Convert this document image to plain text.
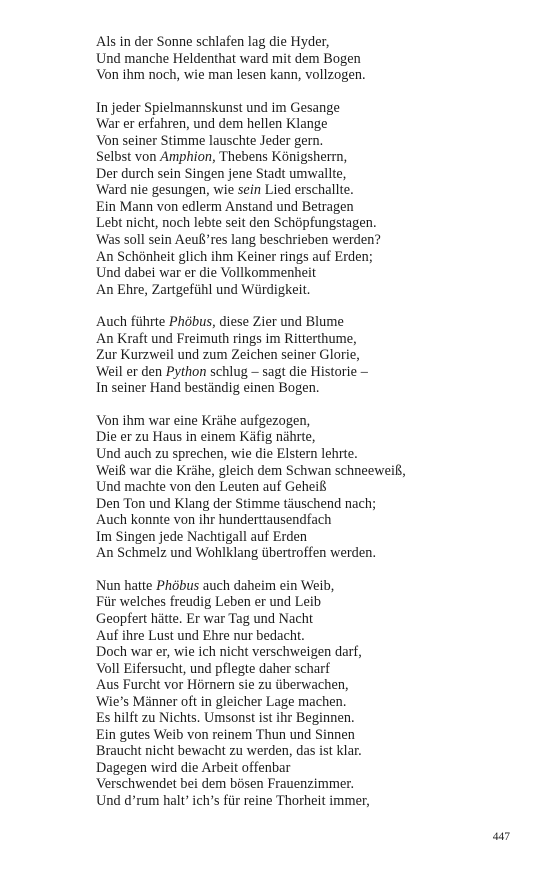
Als in der Sonne schlafen lag die Hyder,
Und manche Heldenthat ward mit dem Bogen
Von ihm noch, wie man lesen kann, vollzogen.
In jeder Spielmannskunst und im Gesange
War er erfahren, und dem hellen Klange
Von seiner Stimme lauschte Jeder gern.
Selbst von Amphion, Thebens Königsherrn,
Der durch sein Singen jene Stadt umwallte,
Ward nie gesungen, wie sein Lied erschallte.
Ein Mann von edlerm Anstand und Betragen
Lebt nicht, noch lebte seit den Schöpfungstagen.
Was soll sein Aeuß’res lang beschrieben werden?
An Schönheit glich ihm Keiner rings auf Erden;
Und dabei war er die Vollkommenheit
An Ehre, Zartgefühl und Würdigkeit.
Auch führte Phöbus, diese Zier und Blume
An Kraft und Freimuth rings im Ritterthume,
Zur Kurzweil und zum Zeichen seiner Glorie,
Weil er den Python schlug – sagt die Historie –
In seiner Hand beständig einen Bogen.
Von ihm war eine Krähe aufgezogen,
Die er zu Haus in einem Käfig nährte,
Und auch zu sprechen, wie die Elstern lehrte.
Weiß war die Krähe, gleich dem Schwan schneeweiß,
Und machte von den Leuten auf Geheiß
Den Ton und Klang der Stimme täuschend nach;
Auch konnte von ihr hunderttausendfach
Im Singen jede Nachtigall auf Erden
An Schmelz und Wohlklang übertroffen werden.
Nun hatte Phöbus auch daheim ein Weib,
Für welches freudig Leben er und Leib
Geopfert hätte. Er war Tag und Nacht
Auf ihre Lust und Ehre nur bedacht.
Doch war er, wie ich nicht verschweigen darf,
Voll Eifersucht, und pflegte daher scharf
Aus Furcht vor Hörnern sie zu überwachen,
Wie’s Männer oft in gleicher Lage machen.
Es hilft zu Nichts. Umsonst ist ihr Beginnen.
Ein gutes Weib von reinem Thun und Sinnen
Braucht nicht bewacht zu werden, das ist klar.
Dagegen wird die Arbeit offenbar
Verschwendet bei dem bösen Frauenzimmer.
Und d’rum halt’ ich’s für reine Thorheit immer,
447
